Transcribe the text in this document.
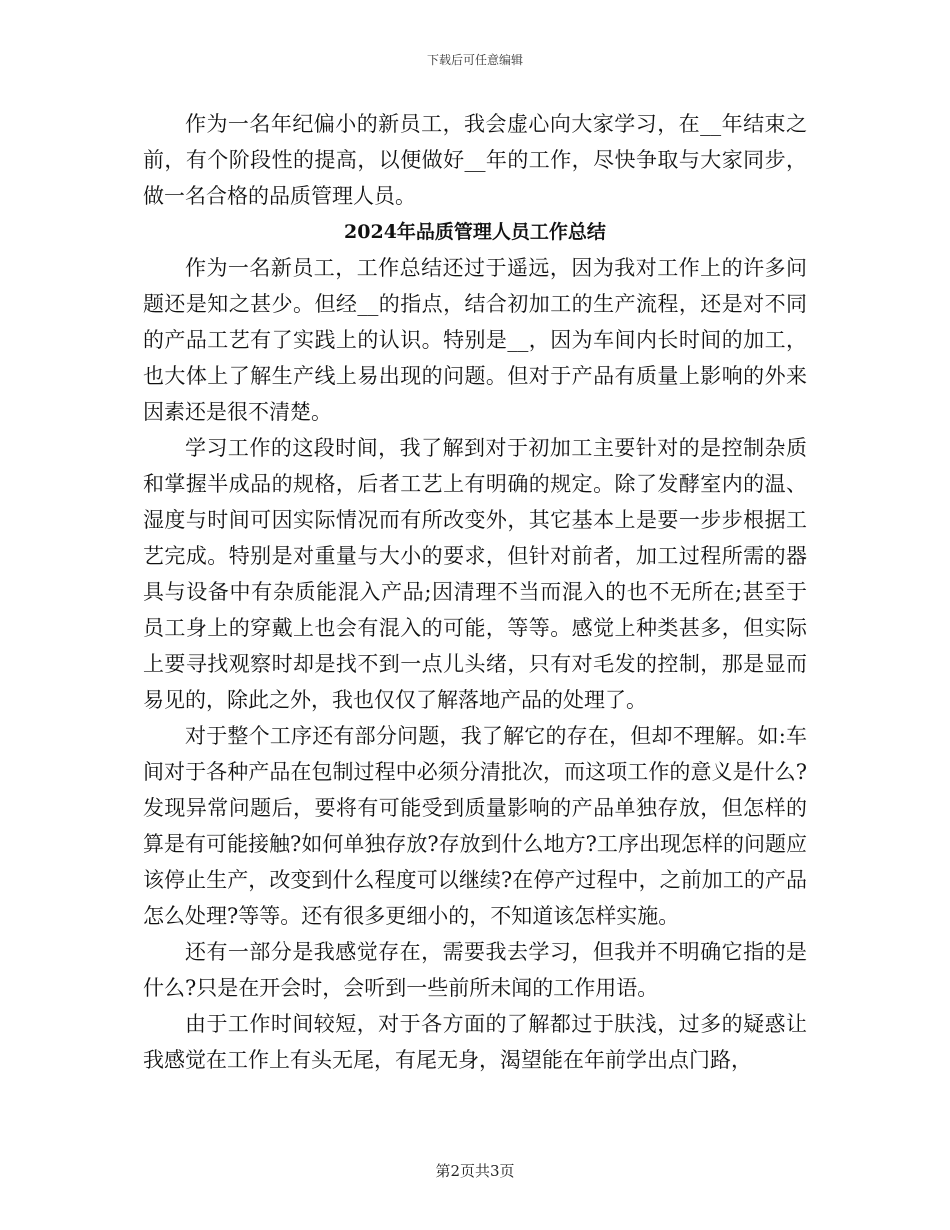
下载后可任意编辑

作为一名年纪偏小的新员工，我会虚心向大家学习，在__年结束之前，有个阶段性的提高，以便做好__年的工作，尽快争取与大家同步，做一名合格的品质管理人员。

2024年品质管理人员工作总结

作为一名新员工，工作总结还过于遥远，因为我对工作上的许多问题还是知之甚少。但经__的指点，结合初加工的生产流程，还是对不同的产品工艺有了实践上的认识。特别是__，因为车间内长时间的加工，也大体上了解生产线上易出现的问题。但对于产品有质量上影响的外来因素还是很不清楚。

学习工作的这段时间，我了解到对于初加工主要针对的是控制杂质和掌握半成品的规格，后者工艺上有明确的规定。除了发酵室内的温、湿度与时间可因实际情况而有所改变外，其它基本上是要一步步根据工艺完成。特别是对重量与大小的要求，但针对前者，加工过程所需的器具与设备中有杂质能混入产品;因清理不当而混入的也不无所在;甚至于员工身上的穿戴上也会有混入的可能，等等。感觉上种类甚多，但实际上要寻找观察时却是找不到一点儿头绪，只有对毛发的控制，那是显而易见的，除此之外，我也仅仅了解落地产品的处理了。

对于整个工序还有部分问题，我了解它的存在，但却不理解。如:车间对于各种产品在包制过程中必须分清批次，而这项工作的意义是什么?发现异常问题后，要将有可能受到质量影响的产品单独存放，但怎样的算是有可能接触?如何单独存放?存放到什么地方?工序出现怎样的问题应该停止生产，改变到什么程度可以继续?在停产过程中，之前加工的产品怎么处理?等等。还有很多更细小的，不知道该怎样实施。

还有一部分是我感觉存在，需要我去学习，但我并不明确它指的是什么?只是在开会时，会听到一些前所未闻的工作用语。

由于工作时间较短，对于各方面的了解都过于肤浅，过多的疑惑让我感觉在工作上有头无尾，有尾无身，渴望能在年前学出点门路，

第2页共3页
